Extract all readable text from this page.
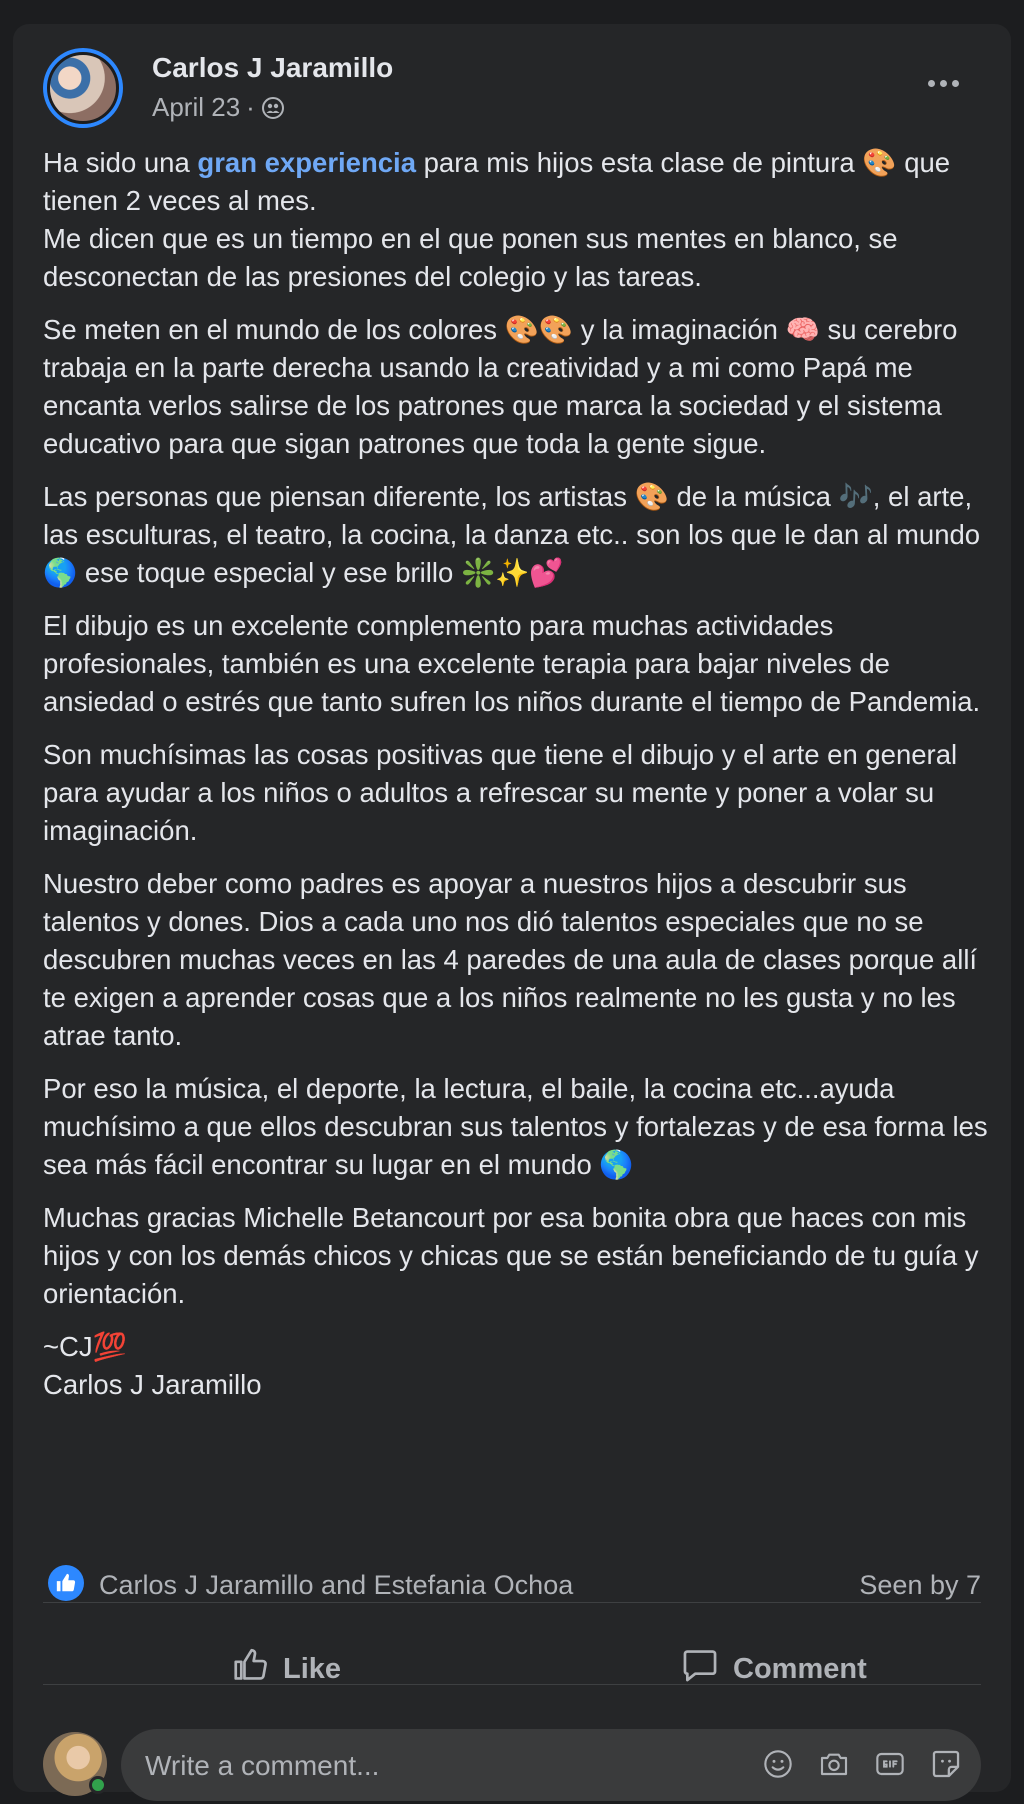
Carlos J Jaramillo
April 23 ·

Ha sido una gran experiencia para mis hijos esta clase de pintura 🎨 que tienen 2 veces al mes.
Me dicen que es un tiempo en el que ponen sus mentes en blanco, se desconectan de las presiones del colegio y las tareas.

Se meten en el mundo de los colores 🎨🎨 y la imaginación 🧠 su cerebro trabaja en la parte derecha usando la creatividad y a mi como Papá me encanta verlos salirse de los patrones que marca la sociedad y el sistema educativo para que sigan patrones que toda la gente sigue.

Las personas que piensan diferente, los artistas 🎨 de la música 🎶, el arte, las esculturas, el teatro, la cocina, la danza etc.. son los que le dan al mundo 🌎 ese toque especial y ese brillo ❇️✨💕

El dibujo es un excelente complemento para muchas actividades profesionales, también es una excelente terapia para bajar niveles de ansiedad o estrés que tanto sufren los niños durante el tiempo de Pandemia.

Son muchísimas las cosas positivas que tiene el dibujo y el arte en general para ayudar a los niños o adultos a refrescar su mente y poner a volar su imaginación.

Nuestro deber como padres es apoyar a nuestros hijos a descubrir sus talentos y dones. Dios a cada uno nos dió talentos especiales que no se descubren muchas veces en las 4 paredes de una aula de clases porque allí te exigen a aprender cosas que a los niños realmente no les gusta y no les atrae tanto.

Por eso la música, el deporte, la lectura, el baile, la cocina etc...ayuda muchísimo a que ellos descubran sus talentos y fortalezas y de esa forma les sea más fácil encontrar su lugar en el mundo 🌎

Muchas gracias Michelle Betancourt por esa bonita obra que haces con mis hijos y con los demás chicos y chicas que se están beneficiando de tu guía y orientación.

~CJ💯
Carlos J Jaramillo

Carlos J Jaramillo and Estefania Ochoa	Seen by 7
Like	Comment
Write a comment...
